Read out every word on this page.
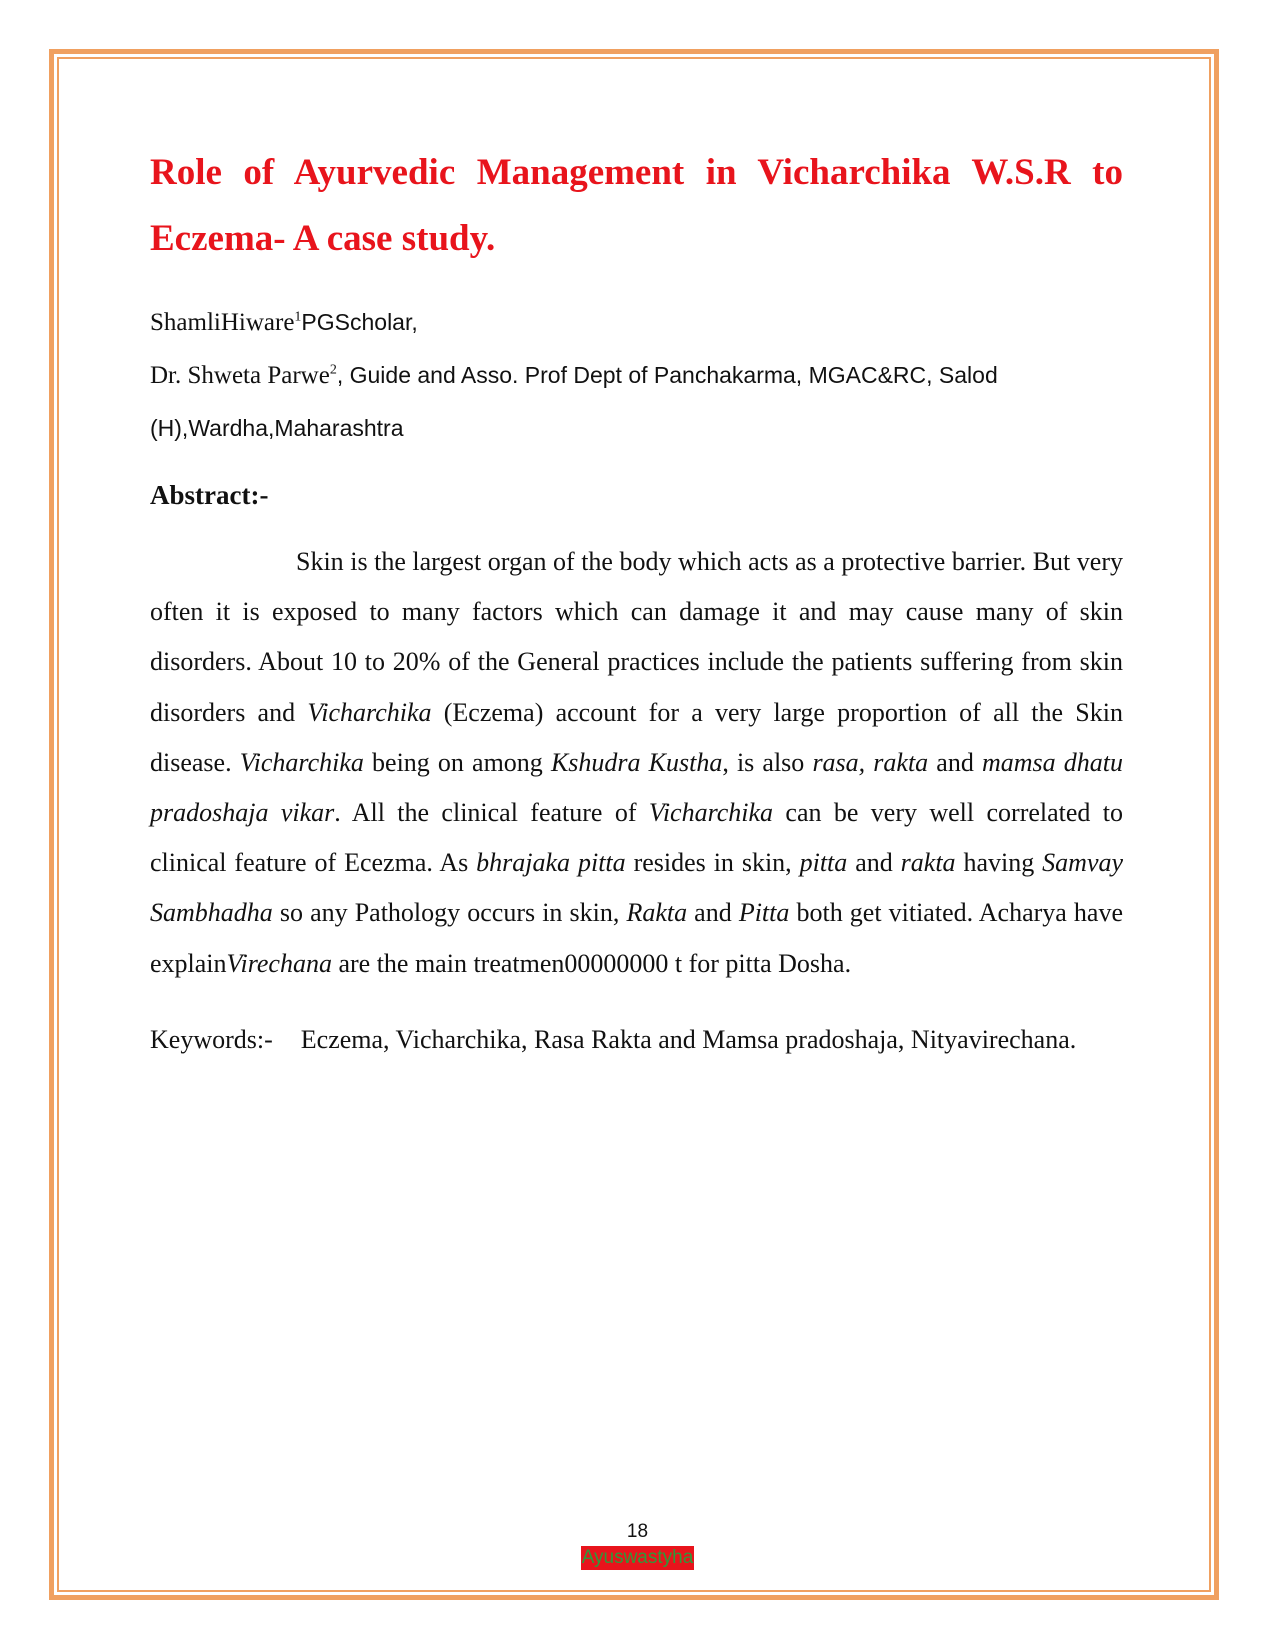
Role of Ayurvedic Management in Vicharchika W.S.R to Eczema- A case study.
ShamliHiware$^1$PGScholar,
Dr. Shweta Parwe$^2$, Guide and Asso. Prof Dept of Panchakarma, MGAC&RC, Salod (H),Wardha,Maharashtra
Abstract:-

Skin is the largest organ of the body which acts as a protective barrier. But very often it is exposed to many factors which can damage it and may cause many of skin disorders. About 10 to 20% of the General practices include the patients suffering from skin disorders and Vicharchika (Eczema) account for a very large proportion of all the Skin disease. Vicharchika being on among Kshudra Kustha, is also rasa, rakta and mamsa dhatu pradoshaja vikar. All the clinical feature of Vicharchika can be very well correlated to clinical feature of Ecezma. As bhrajaka pitta resides in skin, pitta and rakta having Samvay Sambhadha so any Pathology occurs in skin, Rakta and Pitta both get vitiated. Acharya have explainVirechana are the main treatmen00000000 t for pitta Dosha.

Keywords:- Eczema, Vicharchika, Rasa Rakta and Mamsa pradoshaja, Nityavirechana.

18
Ayuswastyha
